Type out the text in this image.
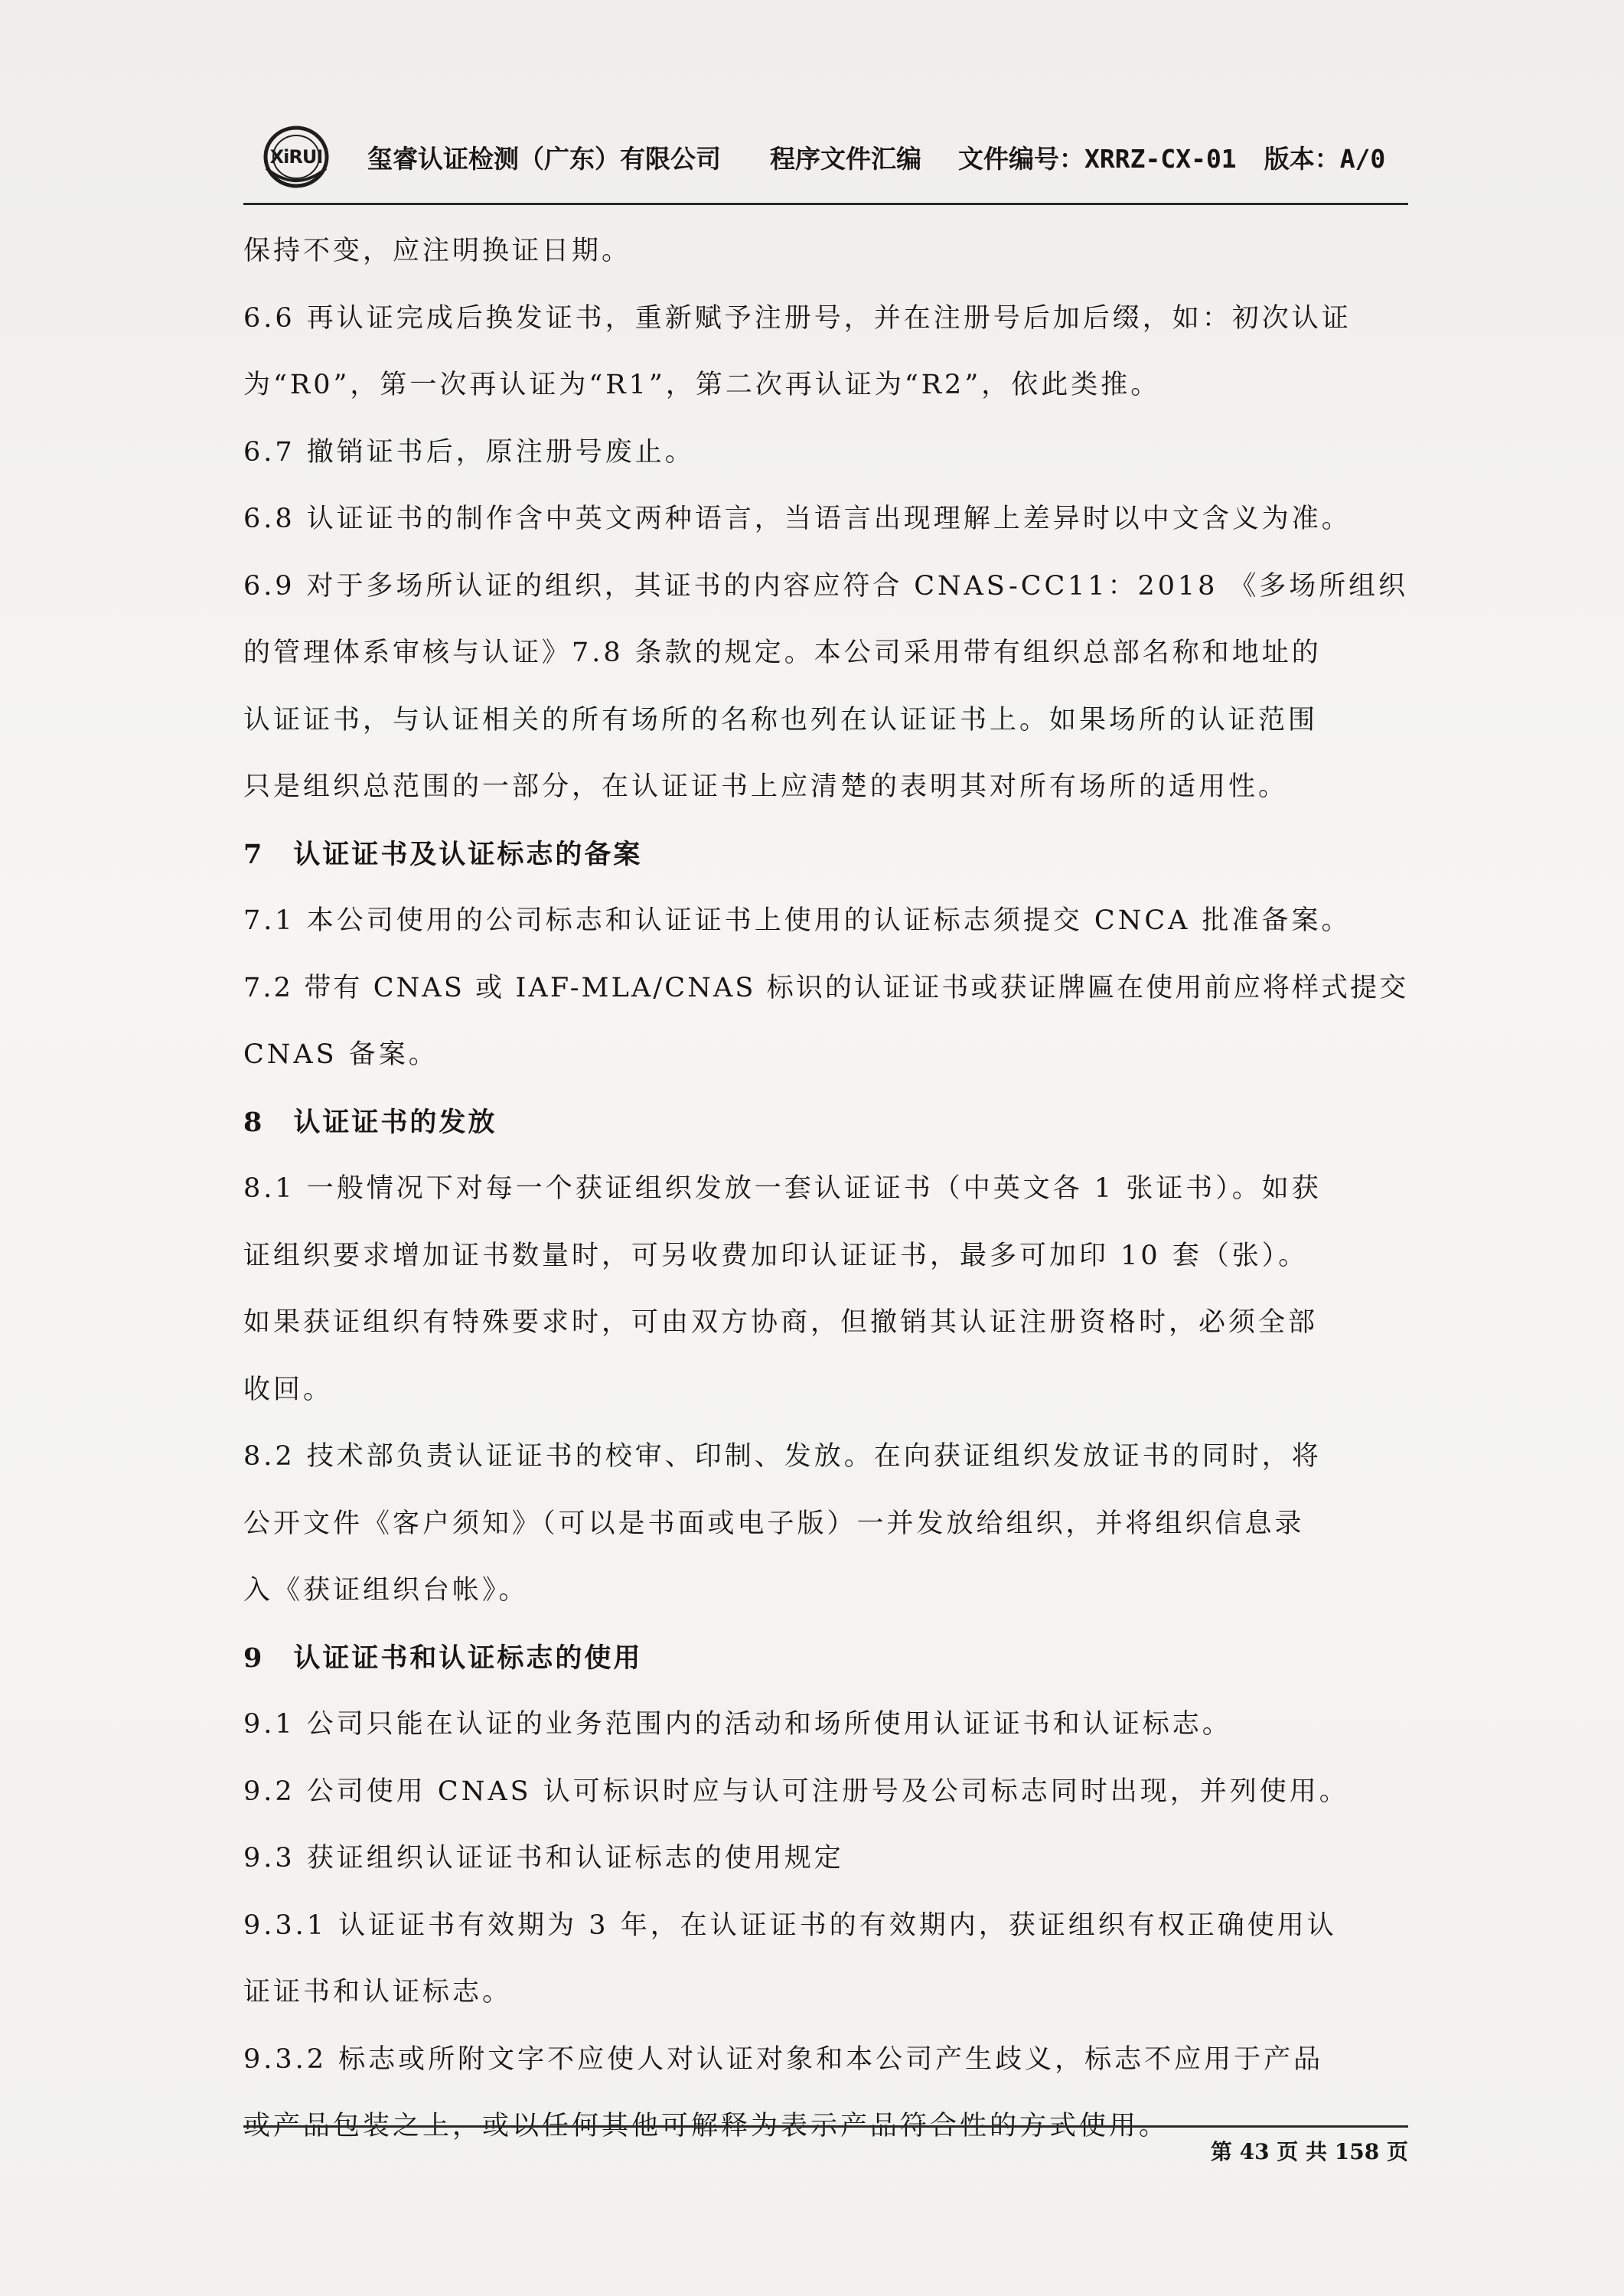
XiRUI	玺睿认证检测（广东）有限公司 程序文件汇编 文件编号：XRRZ-CX-01 版本：A/0
保持不变，应注明换证日期。
6.6 再认证完成后换发证书，重新赋予注册号，并在注册号后加后缀，如：初次认证
为“R0”，第一次再认证为“R1”，第二次再认证为“R2”，依此类推。
6.7 撤销证书后，原注册号废止。
6.8 认证证书的制作含中英文两种语言，当语言出现理解上差异时以中文含义为准。
6.9 对于多场所认证的组织，其证书的内容应符合 CNAS-CC11：2018 《多场所组织
的管理体系审核与认证》7.8 条款的规定。本公司采用带有组织总部名称和地址的
认证证书，与认证相关的所有场所的名称也列在认证证书上。如果场所的认证范围
只是组织总范围的一部分，在认证证书上应清楚的表明其对所有场所的适用性。
7　认证证书及认证标志的备案
7.1 本公司使用的公司标志和认证证书上使用的认证标志须提交 CNCA 批准备案。
7.2 带有 CNAS 或 IAF-MLA/CNAS 标识的认证证书或获证牌匾在使用前应将样式提交
CNAS 备案。
8　认证证书的发放
8.1 一般情况下对每一个获证组织发放一套认证证书（中英文各 1 张证书）。如获
证组织要求增加证书数量时，可另收费加印认证证书，最多可加印 10 套（张）。
如果获证组织有特殊要求时，可由双方协商，但撤销其认证注册资格时，必须全部
收回。
8.2 技术部负责认证证书的校审、印制、发放。在向获证组织发放证书的同时，将
公开文件《客户须知》（可以是书面或电子版）一并发放给组织，并将组织信息录
入《获证组织台帐》。
9　认证证书和认证标志的使用
9.1 公司只能在认证的业务范围内的活动和场所使用认证证书和认证标志。
9.2 公司使用 CNAS 认可标识时应与认可注册号及公司标志同时出现，并列使用。
9.3 获证组织认证证书和认证标志的使用规定
9.3.1 认证证书有效期为 3 年，在认证证书的有效期内，获证组织有权正确使用认
证证书和认证标志。
9.3.2 标志或所附文字不应使人对认证对象和本公司产生歧义，标志不应用于产品
或产品包装之上，或以任何其他可解释为表示产品符合性的方式使用。
第 43 页 共 158 页
